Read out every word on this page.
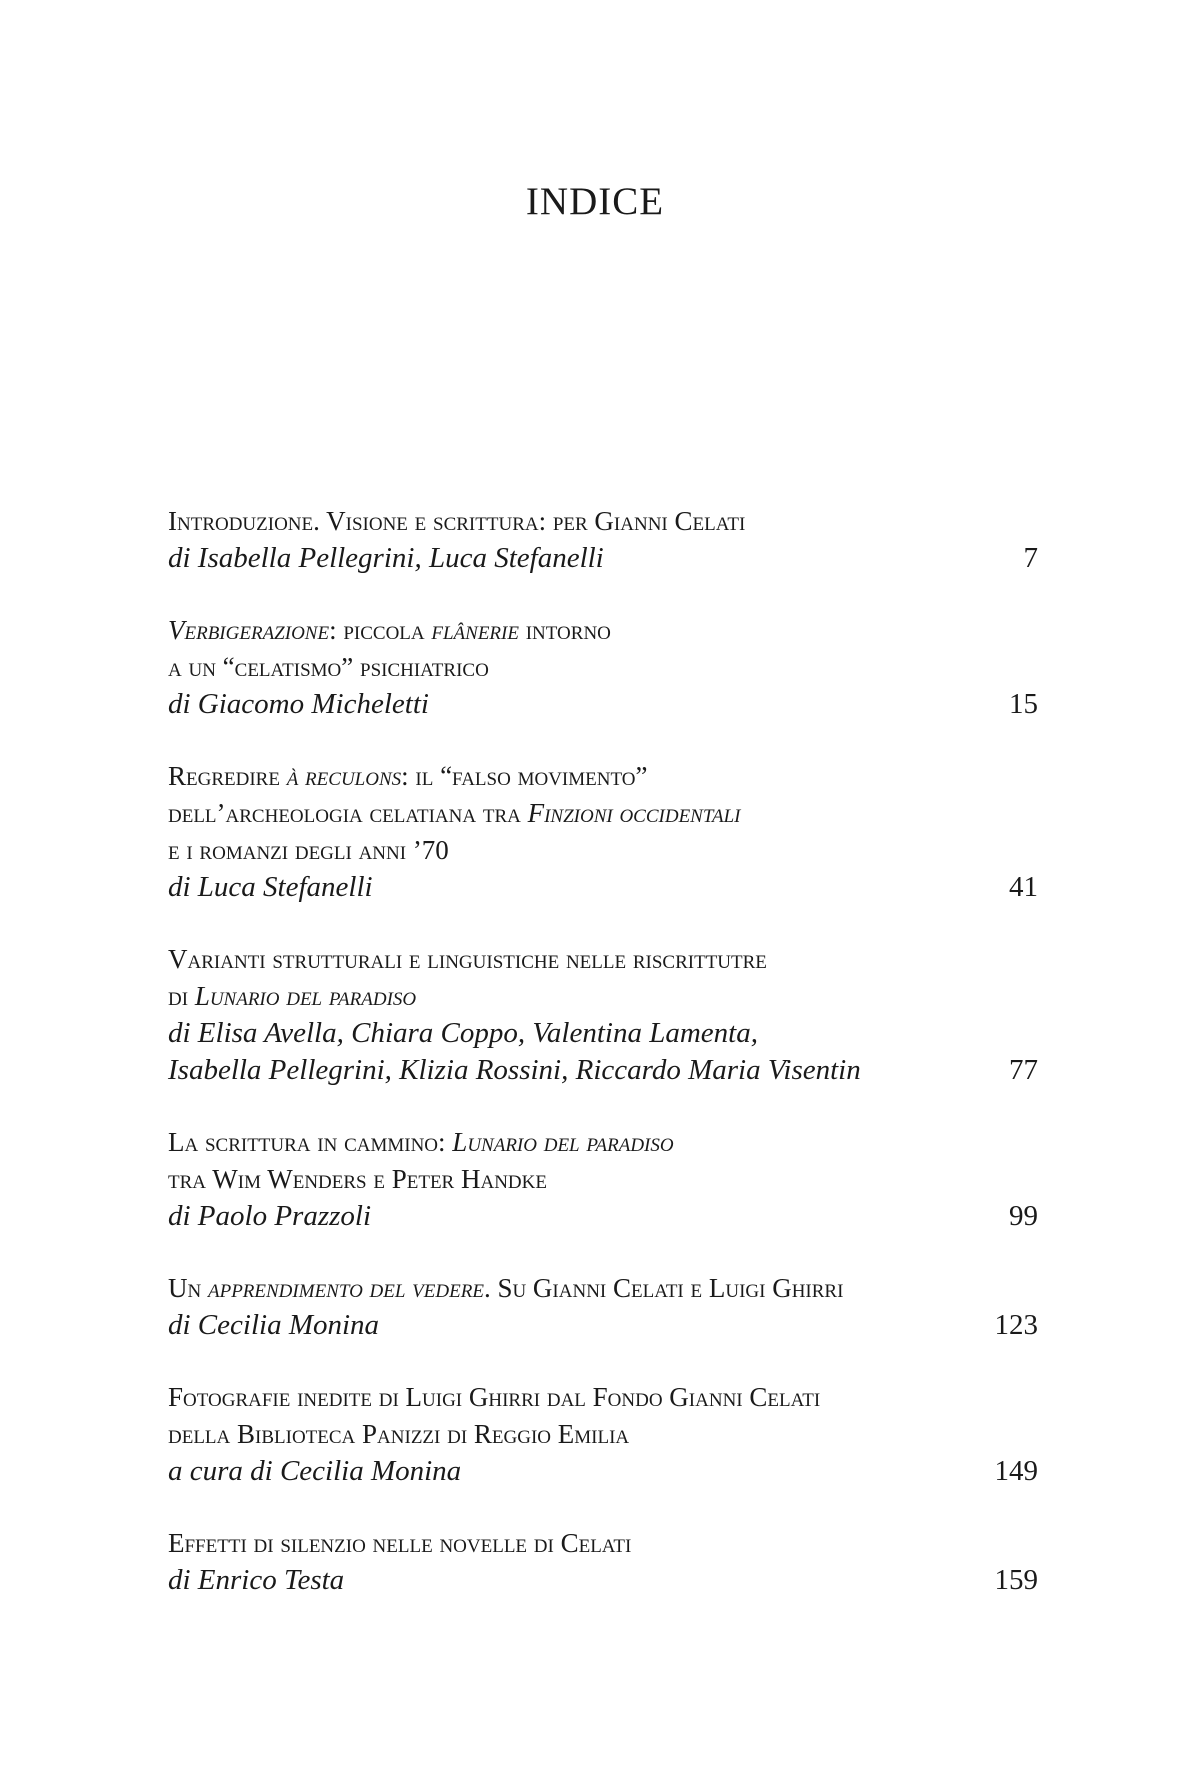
INDICE
Introduzione. Visione e scrittura: per Gianni Celati
di Isabella Pellegrini, Luca Stefanelli	7
Verbigerazione: piccola flânerie intorno
a un “celatismo” psichiatrico
di Giacomo Micheletti	15
Regredire à reculons: il “falso movimento”
dell’archeologia celatiana tra Finzioni occidentali
e i romanzi degli anni ’70
di Luca Stefanelli	41
Varianti strutturali e linguistiche nelle riscrittutre
di Lunario del paradiso
di Elisa Avella, Chiara Coppo, Valentina Lamenta,
Isabella Pellegrini, Klizia Rossini, Riccardo Maria Visentin	77
La scrittura in cammino: Lunario del paradiso
tra Wim Wenders e Peter Handke
di Paolo Prazzoli	99
Un apprendimento del vedere. Su Gianni Celati e Luigi Ghirri
di Cecilia Monina	123
Fotografie inedite di Luigi Ghirri dal Fondo Gianni Celati
della Biblioteca Panizzi di Reggio Emilia
a cura di Cecilia Monina	149
Effetti di silenzio nelle novelle di Celati
di Enrico Testa	159
